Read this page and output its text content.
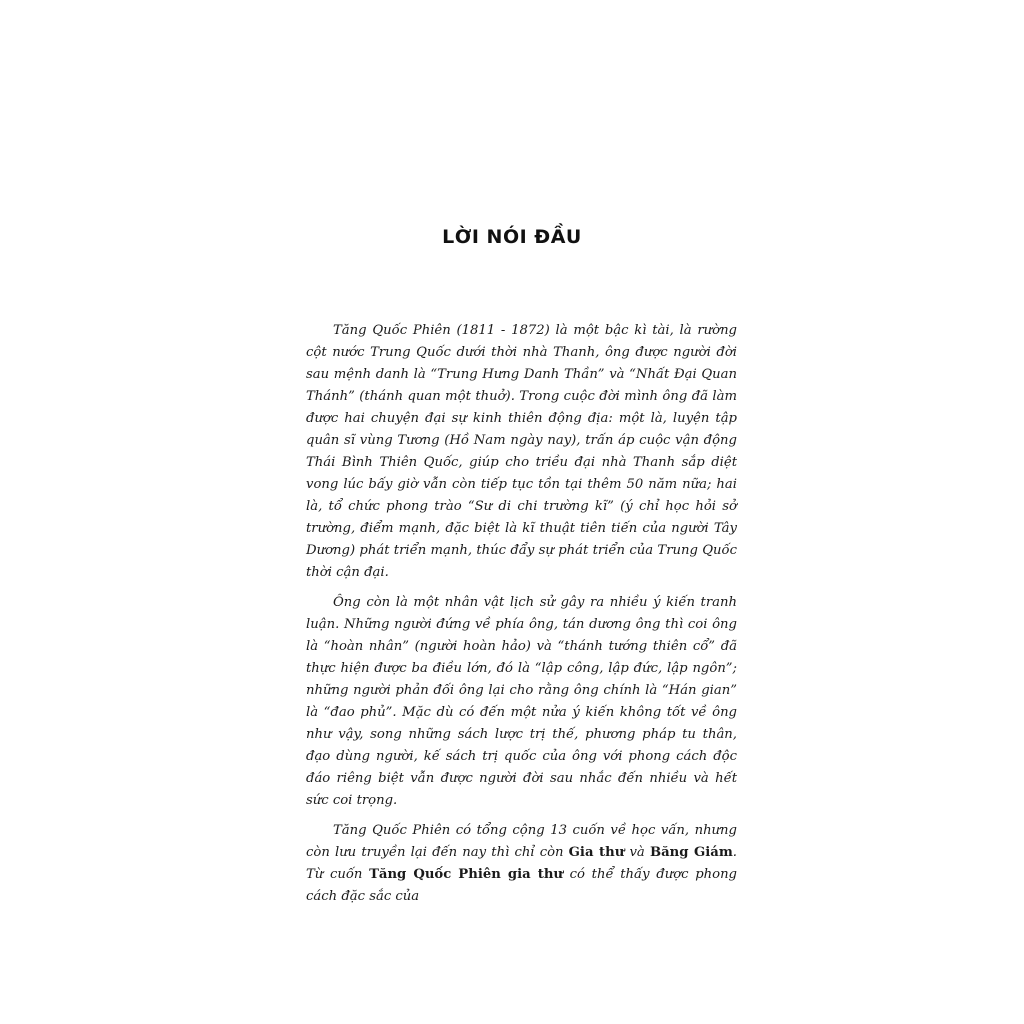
LỜI NÓI ĐẦU

Tăng Quốc Phiên (1811 - 1872) là một bậc kì tài, là rường cột nước Trung Quốc dưới thời nhà Thanh, ông được người đời sau mệnh danh là “Trung Hưng Danh Thần” và “Nhất Đại Quan Thánh” (thánh quan một thuở). Trong cuộc đời mình ông đã làm được hai chuyện đại sự kinh thiên động địa: một là, luyện tập quân sĩ vùng Tương (Hồ Nam ngày nay), trấn áp cuộc vận động Thái Bình Thiên Quốc, giúp cho triều đại nhà Thanh sắp diệt vong lúc bấy giờ vẫn còn tiếp tục tồn tại thêm 50 năm nữa; hai là, tổ chức phong trào “Sư di chi trường kĩ” (ý chỉ học hỏi sở trường, điểm mạnh, đặc biệt là kĩ thuật tiên tiến của người Tây Dương) phát triển mạnh, thúc đẩy sự phát triển của Trung Quốc thời cận đại.

Ông còn là một nhân vật lịch sử gây ra nhiều ý kiến tranh luận. Những người đứng về phía ông, tán dương ông thì coi ông là “hoàn nhân” (người hoàn hảo) và “thánh tướng thiên cổ” đã thực hiện được ba điều lớn, đó là “lập công, lập đức, lập ngôn”; những người phản đối ông lại cho rằng ông chính là “Hán gian” là “đao phủ”. Mặc dù có đến một nửa ý kiến không tốt về ông như vậy, song những sách lược trị thế, phương pháp tu thân, đạo dùng người, kế sách trị quốc của ông với phong cách độc đáo riêng biệt vẫn được người đời sau nhắc đến nhiều và hết sức coi trọng.

Tăng Quốc Phiên có tổng cộng 13 cuốn về học vấn, nhưng còn lưu truyền lại đến nay thì chỉ còn Gia thư và Băng Giám. Từ cuốn Tăng Quốc Phiên gia thư có thể thấy được phong cách đặc sắc của
